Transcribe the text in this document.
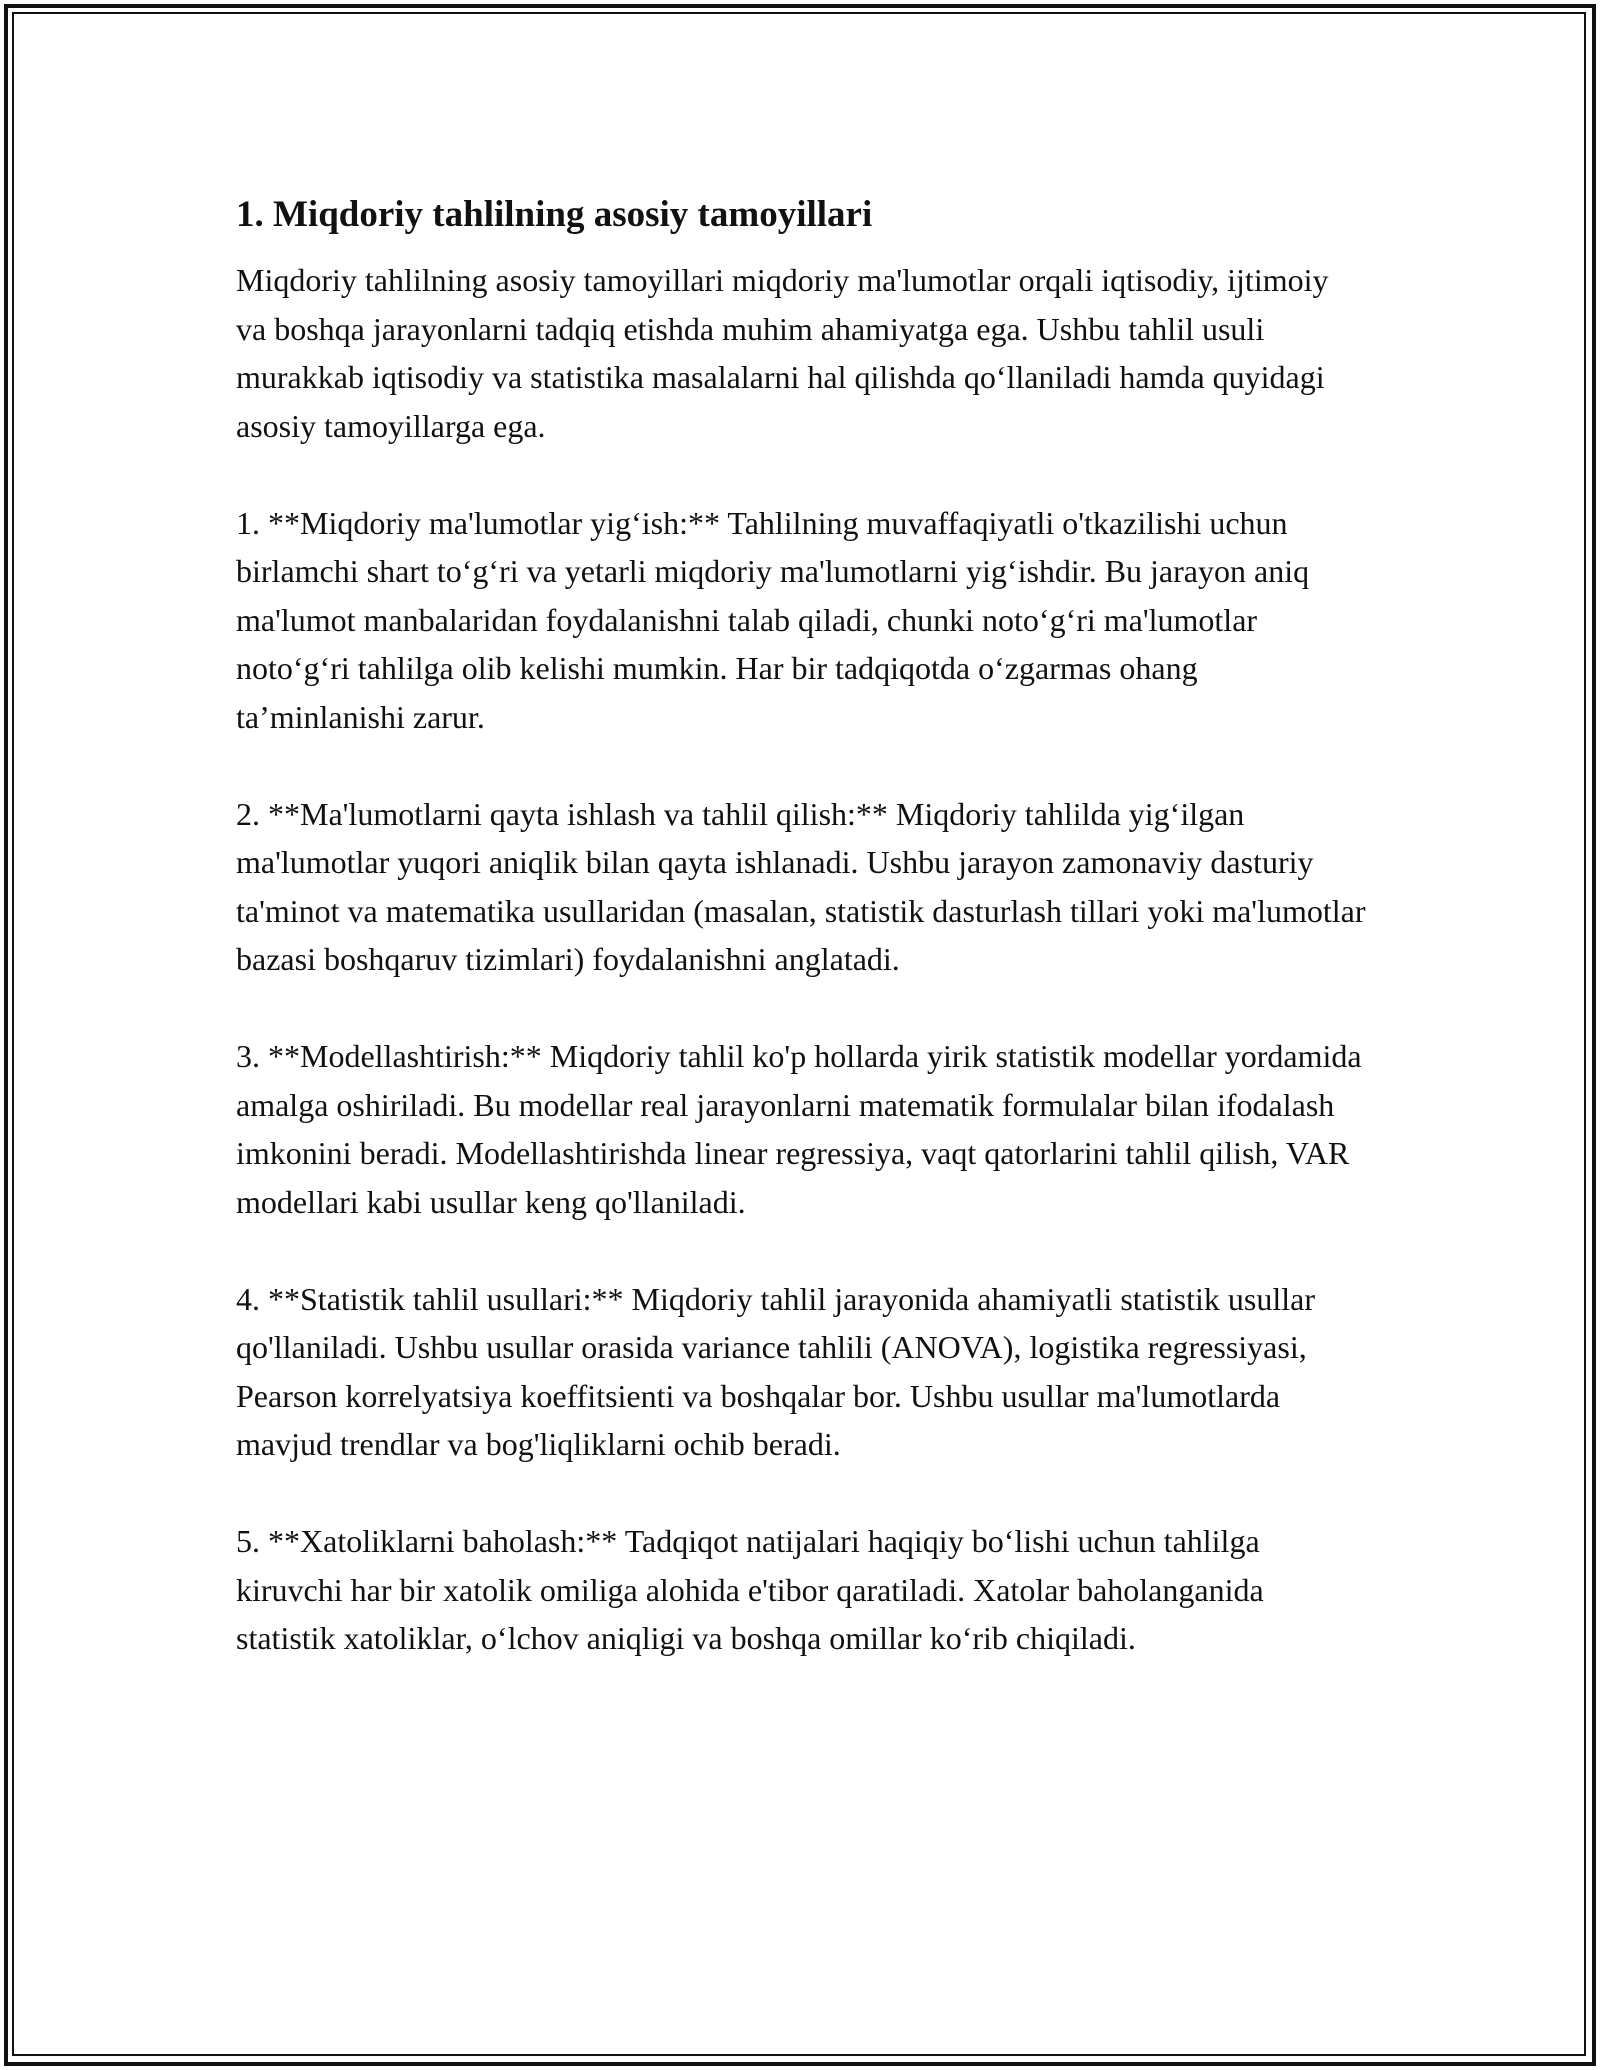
1. Miqdoriy tahlilning asosiy tamoyillari

Miqdoriy tahlilning asosiy tamoyillari miqdoriy ma'lumotlar orqali iqtisodiy, ijtimoiy va boshqa jarayonlarni tadqiq etishda muhim ahamiyatga ega. Ushbu tahlil usuli murakkab iqtisodiy va statistika masalalarni hal qilishda qo‘llaniladi hamda quyidagi asosiy tamoyillarga ega.

1. **Miqdoriy ma'lumotlar yig‘ish:** Tahlilning muvaffaqiyatli o'tkazilishi uchun birlamchi shart to‘g‘ri va yetarli miqdoriy ma'lumotlarni yig‘ishdir. Bu jarayon aniq ma'lumot manbalaridan foydalanishni talab qiladi, chunki noto‘g‘ri ma'lumotlar noto‘g‘ri tahlilga olib kelishi mumkin. Har bir tadqiqotda o‘zgarmas ohang ta’minlanishi zarur.

2. **Ma'lumotlarni qayta ishlash va tahlil qilish:** Miqdoriy tahlilda yig‘ilgan ma'lumotlar yuqori aniqlik bilan qayta ishlanadi. Ushbu jarayon zamonaviy dasturiy ta'minot va matematika usullaridan (masalan, statistik dasturlash tillari yoki ma'lumotlar bazasi boshqaruv tizimlari) foydalanishni anglatadi.

3. **Modellashtirish:** Miqdoriy tahlil ko'p hollarda yirik statistik modellar yordamida amalga oshiriladi. Bu modellar real jarayonlarni matematik formulalar bilan ifodalash imkonini beradi. Modellashtirishda linear regressiya, vaqt qatorlarini tahlil qilish, VAR modellari kabi usullar keng qo'llaniladi.

4. **Statistik tahlil usullari:** Miqdoriy tahlil jarayonida ahamiyatli statistik usullar qo'llaniladi. Ushbu usullar orasida variance tahlili (ANOVA), logistika regressiyasi, Pearson korrelyatsiya koeffitsienti va boshqalar bor. Ushbu usullar ma'lumotlarda mavjud trendlar va bog'liqliklarni ochib beradi.

5. **Xatoliklarni baholash:** Tadqiqot natijalari haqiqiy bo‘lishi uchun tahlilga kiruvchi har bir xatolik omiliga alohida e'tibor qaratiladi. Xatolar baholanganida statistik xatoliklar, o‘lchov aniqligi va boshqa omillar ko‘rib chiqiladi.
